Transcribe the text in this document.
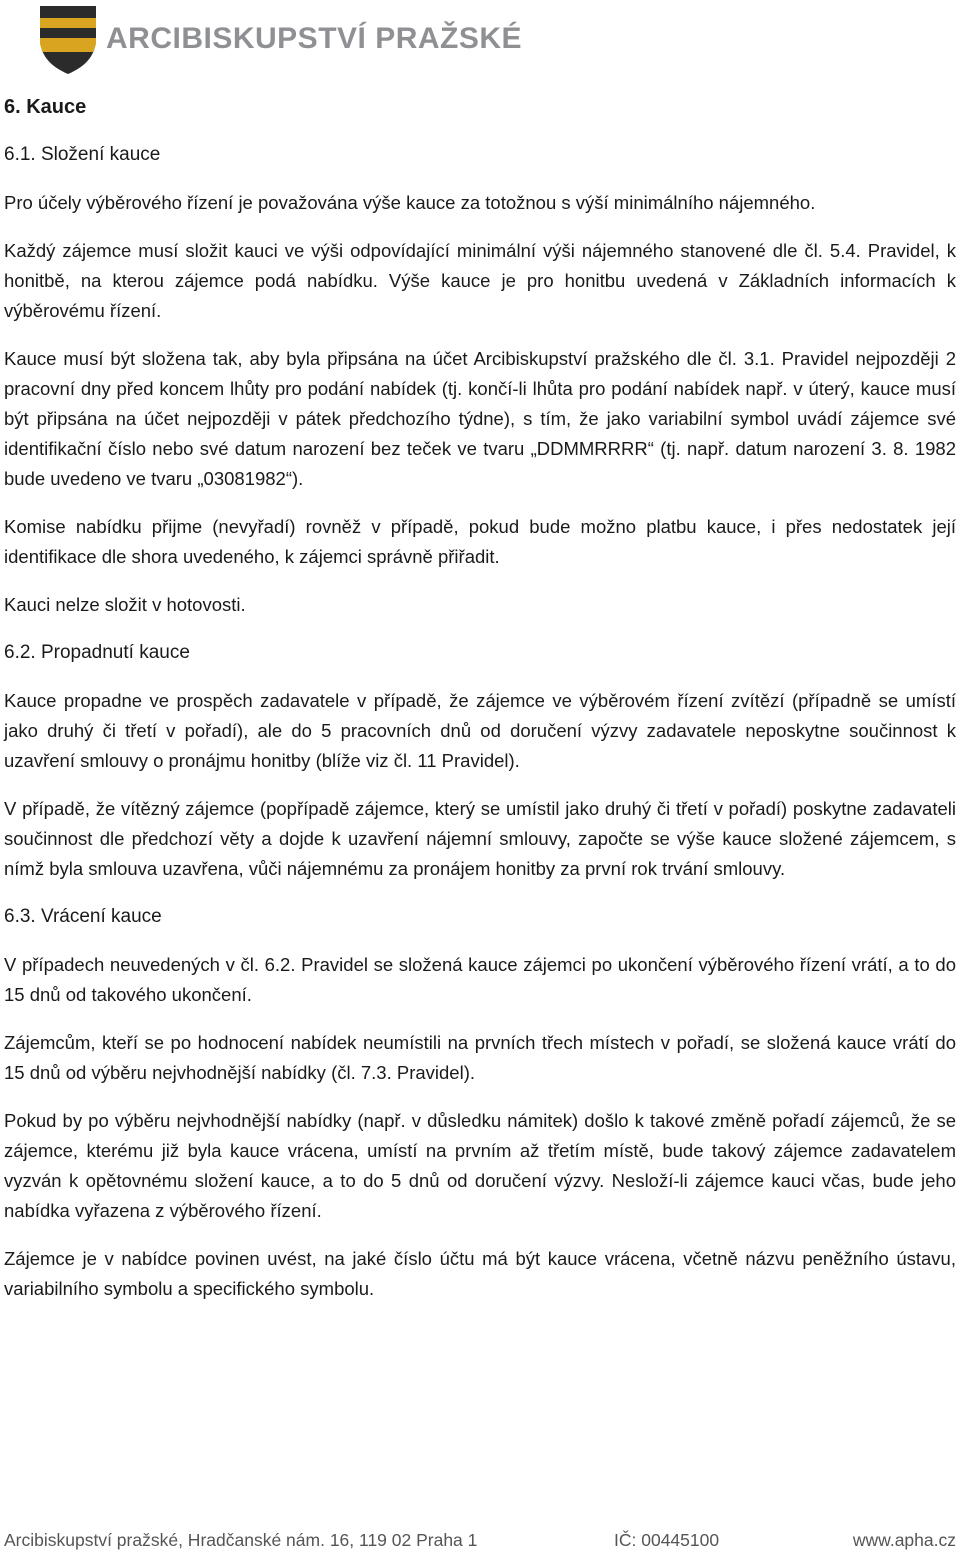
ARCIBISKUPSTVÍ PRAŽSKÉ
6. Kauce
6.1. Složení kauce

Pro účely výběrového řízení je považována výše kauce za totožnou s výší minimálního nájemného.

Každý zájemce musí složit kauci ve výši odpovídající minimální výši nájemného stanovené dle čl. 5.4. Pravidel, k honitbě, na kterou zájemce podá nabídku. Výše kauce je pro honitbu uvedená v Základních informacích k výběrovému řízení.

Kauce musí být složena tak, aby byla připsána na účet Arcibiskupství pražského dle čl. 3.1. Pravidel nejpozději 2 pracovní dny před koncem lhůty pro podání nabídek (tj. končí-li lhůta pro podání nabídek např. v úterý, kauce musí být připsána na účet nejpozději v pátek předchozího týdne), s tím, že jako variabilní symbol uvádí zájemce své identifikační číslo nebo své datum narození bez teček ve tvaru „DDMMRRRR“ (tj. např. datum narození 3. 8. 1982 bude uvedeno ve tvaru „03081982“).

Komise nabídku přijme (nevyřadí) rovněž v případě, pokud bude možno platbu kauce, i přes nedostatek její identifikace dle shora uvedeného, k zájemci správně přiřadit.

Kauci nelze složit v hotovosti.

6.2. Propadnutí kauce

Kauce propadne ve prospěch zadavatele v případě, že zájemce ve výběrovém řízení zvítězí (případně se umístí jako druhý či třetí v pořadí), ale do 5 pracovních dnů od doručení výzvy zadavatele neposkytne součinnost k uzavření smlouvy o pronájmu honitby (blíže viz čl. 11 Pravidel).

V případě, že vítězný zájemce (popřípadě zájemce, který se umístil jako druhý či třetí v pořadí) poskytne zadavateli součinnost dle předchozí věty a dojde k uzavření nájemní smlouvy, započte se výše kauce složené zájemcem, s nímž byla smlouva uzavřena, vůči nájemnému za pronájem honitby za první rok trvání smlouvy.

6.3. Vrácení kauce

V případech neuvedených v čl. 6.2. Pravidel se složená kauce zájemci po ukončení výběrového řízení vrátí, a to do 15 dnů od takového ukončení.

Zájemcům, kteří se po hodnocení nabídek neumístili na prvních třech místech v pořadí, se složená kauce vrátí do 15 dnů od výběru nejvhodnější nabídky (čl. 7.3. Pravidel).

Pokud by po výběru nejvhodnější nabídky (např. v důsledku námitek) došlo k takové změně pořadí zájemců, že se zájemce, kterému již byla kauce vrácena, umístí na prvním až třetím místě, bude takový zájemce zadavatelem vyzván k opětovnému složení kauce, a to do 5 dnů od doručení výzvy. Nesloží-li zájemce kauci včas, bude jeho nabídka vyřazena z výběrového řízení.

Zájemce je v nabídce povinen uvést, na jaké číslo účtu má být kauce vrácena, včetně názvu peněžního ústavu, variabilního symbolu a specifického symbolu.

Arcibiskupství pražské, Hradčanské nám. 16, 119 02 Praha 1	IČ: 00445100	www.apha.cz
